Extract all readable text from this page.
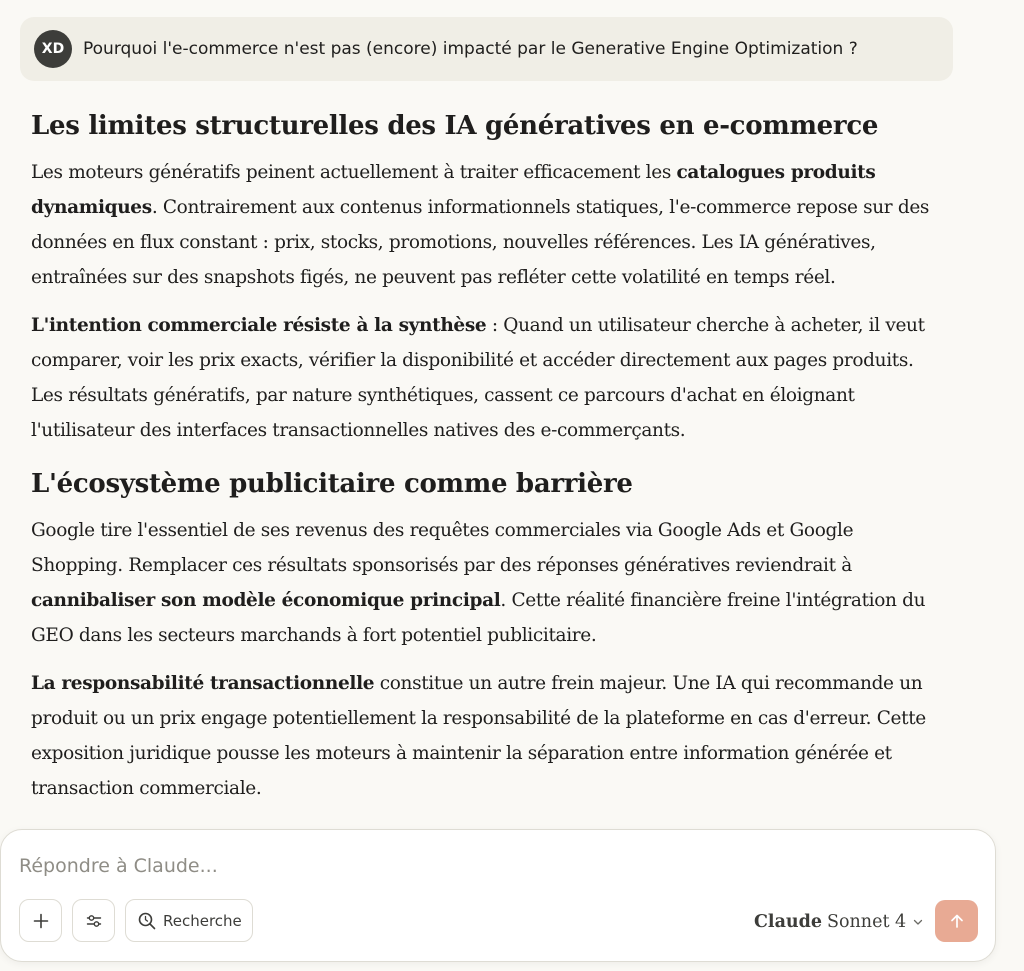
XD	Pourquoi l'e-commerce n'est pas (encore) impacté par le Generative Engine Optimization ?
Les limites structurelles des IA génératives en e-commerce

Les moteurs génératifs peinent actuellement à traiter efficacement les catalogues produits dynamiques. Contrairement aux contenus informationnels statiques, l'e-commerce repose sur des données en flux constant : prix, stocks, promotions, nouvelles références. Les IA génératives, entraînées sur des snapshots figés, ne peuvent pas refléter cette volatilité en temps réel.

L'intention commerciale résiste à la synthèse : Quand un utilisateur cherche à acheter, il veut comparer, voir les prix exacts, vérifier la disponibilité et accéder directement aux pages produits. Les résultats génératifs, par nature synthétiques, cassent ce parcours d'achat en éloignant l'utilisateur des interfaces transactionnelles natives des e-commerçants.

L'écosystème publicitaire comme barrière

Google tire l'essentiel de ses revenus des requêtes commerciales via Google Ads et Google Shopping. Remplacer ces résultats sponsorisés par des réponses génératives reviendrait à cannibaliser son modèle économique principal. Cette réalité financière freine l'intégration du GEO dans les secteurs marchands à fort potentiel publicitaire.

La responsabilité transactionnelle constitue un autre frein majeur. Une IA qui recommande un produit ou un prix engage potentiellement la responsabilité de la plateforme en cas d'erreur. Cette exposition juridique pousse les moteurs à maintenir la séparation entre information générée et transaction commerciale.

Répondre à Claude...
Recherche	Claude Sonnet 4
